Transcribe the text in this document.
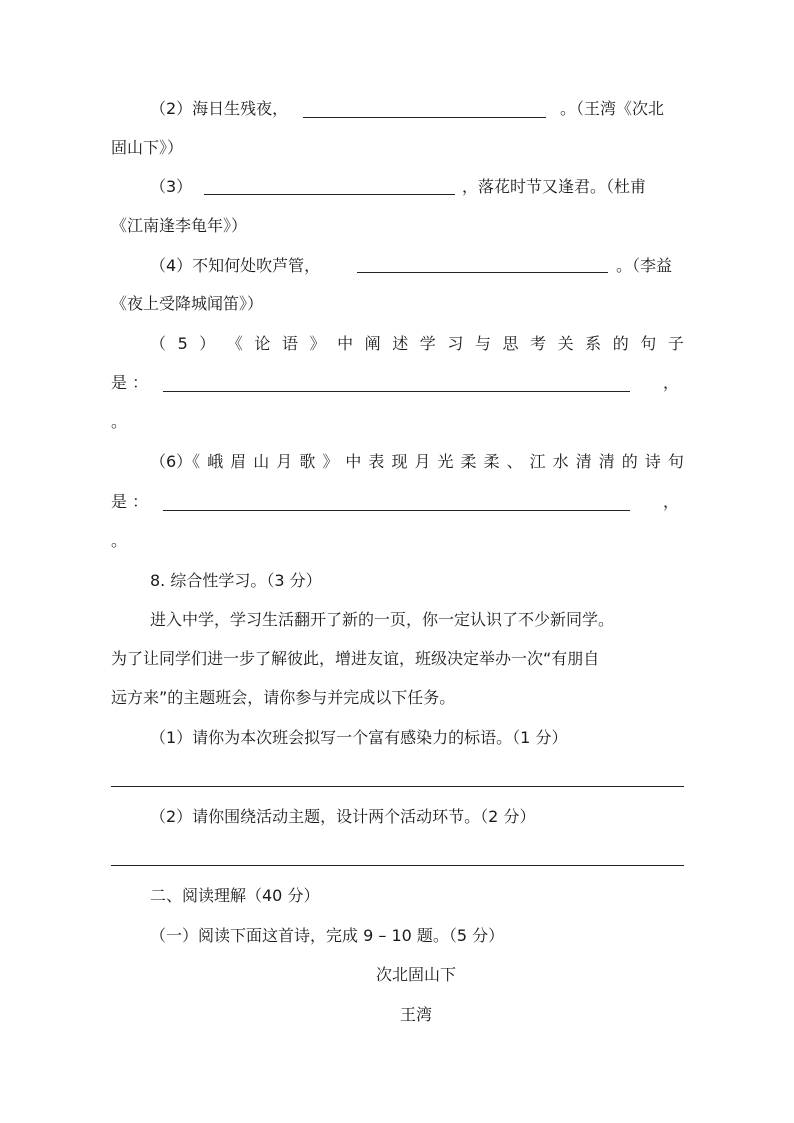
（2）海日生残夜，	。（王湾《次北
固山下》）
（3）	，落花时节又逢君。（杜甫
《江南逢李龟年》）
（4）不知何处吹芦管，	。（李益
《夜上受降城闻笛》）
（ 5 ） 《 论 语 》 中 阐 述 学 习 与 思 考 关 系 的 句 子
是 ：	，
。
（6）《 峨 眉 山 月 歌 》 中 表 现 月 光 柔 柔 、 江 水 清 清 的 诗 句
是 ：	，
。
8. 综合性学习。（3 分）
进入中学，学习生活翻开了新的一页，你一定认识了不少新同学。
为了让同学们进一步了解彼此，增进友谊，班级决定举办一次“有朋自
远方来”的主题班会，请你参与并完成以下任务。
（1）请你为本次班会拟写一个富有感染力的标语。（1 分）
（2）请你围绕活动主题，设计两个活动环节。（2 分）
二、阅读理解（40 分）
（一）阅读下面这首诗，完成 9 – 10 题。（5 分）
次北固山下
王湾
